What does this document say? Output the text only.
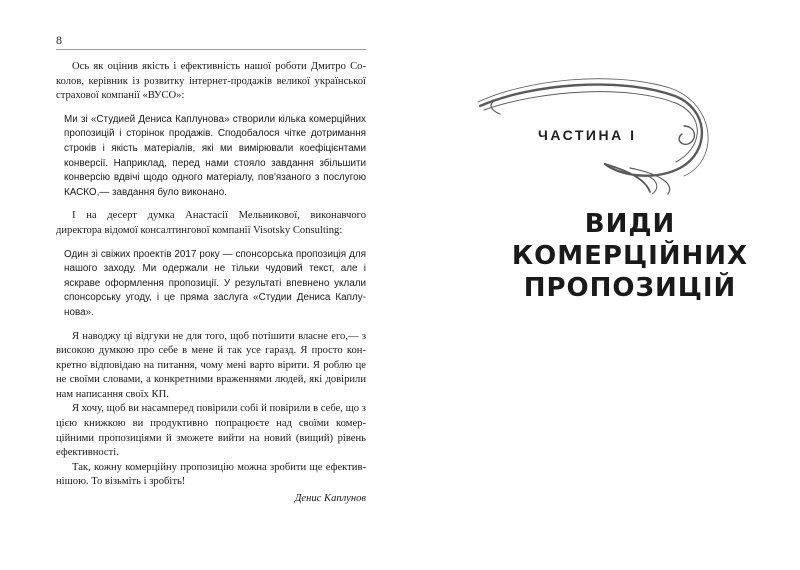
8

Ось як оцінив якість і ефективність нашої роботи Дмитро Соколов, керівник із розвитку інтернет-продажів великої української страхової компанії «ВУСО»:

Ми зі «Студией Дениса Каплунова» створили кілька комерційних пропозицій і сторінок продажів. Сподобалося чітке дотримання строків і якість матеріалів, які ми вимірювали коефіцієнтами конверсії. Наприклад, перед нами стояло завдання збільшити конверсію вдвічі щодо одного матеріалу, пов'язаного з послугою КАСКО,— завдання було виконано.

І на десерт думка Анастасії Мельникової, виконавчого директора відомої консалтингової компанії Visotsky Consulting:

Один зі свіжих проектів 2017 року — спонсорська пропозиція для нашого заходу. Ми одержали не тільки чудовий текст, але і яскраве оформлення пропозиції. У результаті впевнено уклали спонсорську угоду, і це пряма заслуга «Студии Дениса Каплунова».

Я наводжу ці відгуки не для того, щоб потішити власне его,— з високою думкою про себе в мене й так усе гаразд. Я просто конкретно відповідаю на питання, чому мені варто вірити. Я роблю це не своїми словами, а конкретними враженнями людей, які довірили нам написання своїх КП.

Я хочу, щоб ви насамперед повірили собі й повірили в себе, що з цією книжкою ви продуктивно попрацюєте над своїми комерційними пропозиціями й зможете вийти на новий (вищий) рівень ефективності.

Так, кожну комерційну пропозицію можна зробити ще ефективнішою. То візьміть і зробіть!

Денис Каплунов
ЧАСТИНА І
ВИДИ
КОМЕРЦІЙНИХ
ПРОПОЗИЦІЙ
